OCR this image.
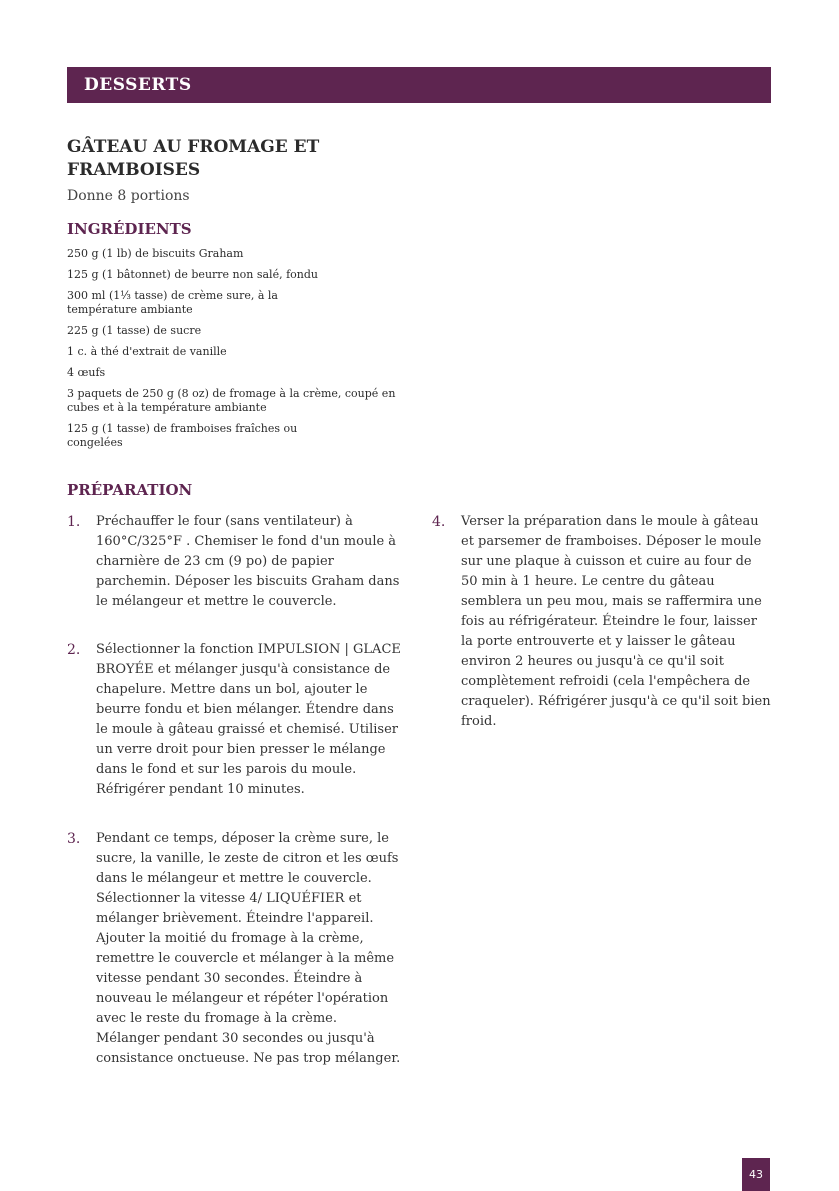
DESSERTS
GÂTEAU AU FROMAGE ET FRAMBOISES
Donne 8 portions
INGRÉDIENTS
250 g (1 lb) de biscuits Graham
125 g (1 bâtonnet) de beurre non salé, fondu
300 ml (1⅓ tasse) de crème sure, à la température ambiante
225 g (1 tasse) de sucre
1 c. à thé d'extrait de vanille
4 œufs
3 paquets de 250 g (8 oz) de fromage à la crème, coupé en cubes et à la température ambiante
125 g (1 tasse) de framboises fraîches ou congelées
PRÉPARATION
1. Préchauffer le four (sans ventilateur) à 160°C/325°F . Chemiser le fond d'un moule à charnière de 23 cm (9 po) de papier parchemin. Déposer les biscuits Graham dans le mélangeur et mettre le couvercle.
2. Sélectionner la fonction IMPULSION | GLACE BROYÉE et mélanger jusqu'à consistance de chapelure. Mettre dans un bol, ajouter le beurre fondu et bien mélanger. Étendre dans le moule à gâteau graissé et chemisé. Utiliser un verre droit pour bien presser le mélange dans le fond et sur les parois du moule. Réfrigérer pendant 10 minutes.
3. Pendant ce temps, déposer la crème sure, le sucre, la vanille, le zeste de citron et les œufs dans le mélangeur et mettre le couvercle. Sélectionner la vitesse 4/ LIQUÉFIER et mélanger brièvement. Éteindre l'appareil. Ajouter la moitié du fromage à la crème, remettre le couvercle et mélanger à la même vitesse pendant 30 secondes. Éteindre à nouveau le mélangeur et répéter l'opération avec le reste du fromage à la crème. Mélanger pendant 30 secondes ou jusqu'à consistance onctueuse. Ne pas trop mélanger.
4. Verser la préparation dans le moule à gâteau et parsemer de framboises. Déposer le moule sur une plaque à cuisson et cuire au four de 50 min à 1 heure. Le centre du gâteau semblera un peu mou, mais se raffermira une fois au réfrigérateur. Éteindre le four, laisser la porte entrouverte et y laisser le gâteau environ 2 heures ou jusqu'à ce qu'il soit complètement refroidi (cela l'empêchera de craqueler). Réfrigérer jusqu'à ce qu'il soit bien froid.
43
